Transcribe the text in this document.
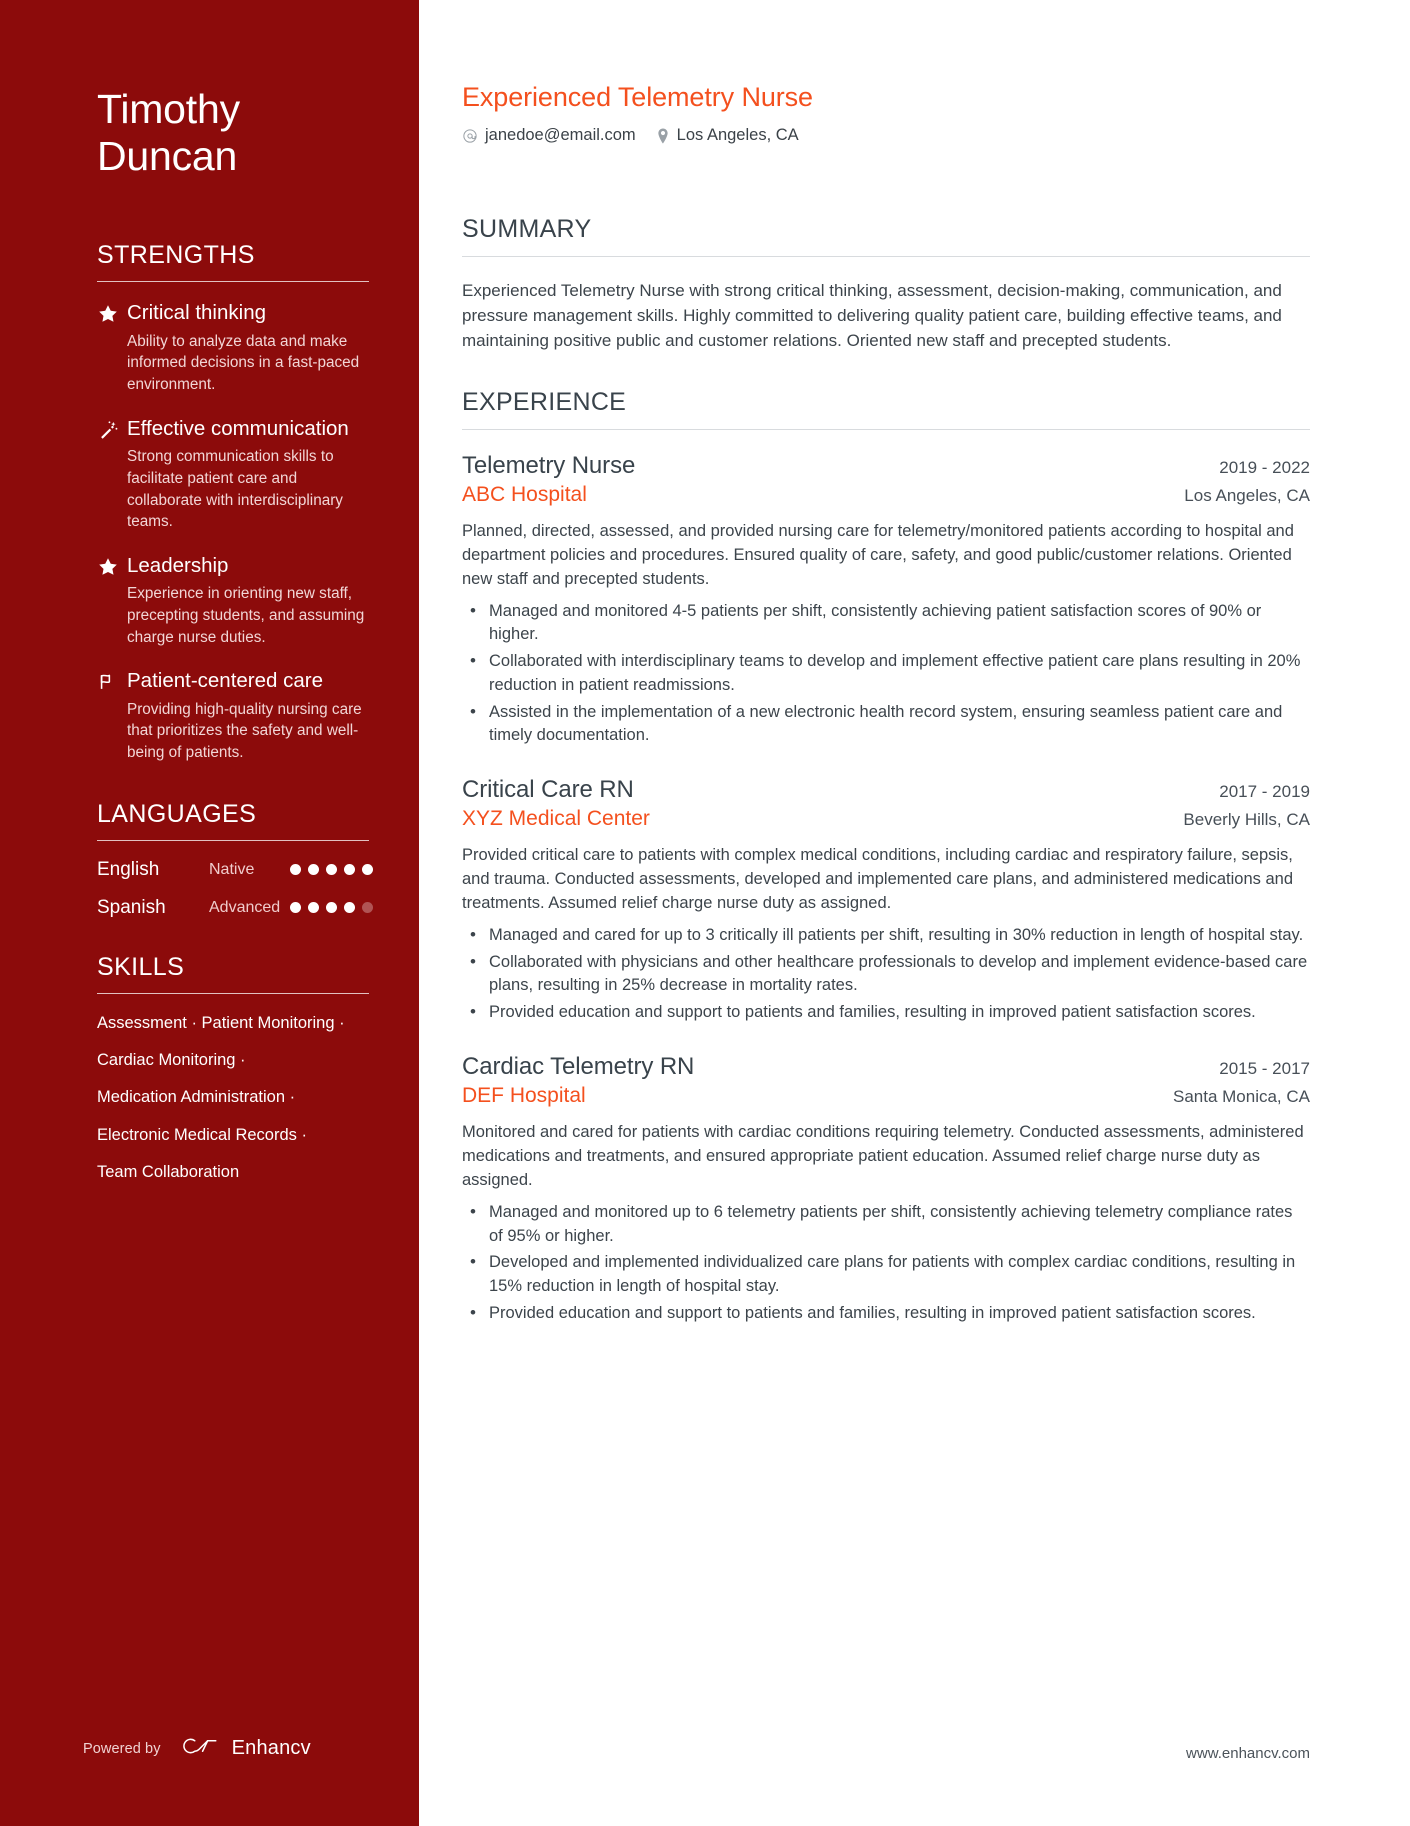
Timothy
Duncan
STRENGTHS
Critical thinking
Ability to analyze data and make informed decisions in a fast-paced environment.
Effective communication
Strong communication skills to facilitate patient care and collaborate with interdisciplinary teams.
Leadership
Experience in orienting new staff, precepting students, and assuming charge nurse duties.
Patient-centered care
Providing high-quality nursing care that prioritizes the safety and well-being of patients.
LANGUAGES
English	Native
Spanish	Advanced
SKILLS
Assessment · Patient Monitoring ·
Cardiac Monitoring ·
Medication Administration ·
Electronic Medical Records ·
Team Collaboration
Powered by	Enhancv
Experienced Telemetry Nurse
janedoe@email.com Los Angeles, CA
SUMMARY

Experienced Telemetry Nurse with strong critical thinking, assessment, decision-making, communication, and pressure management skills. Highly committed to delivering quality patient care, building effective teams, and maintaining positive public and customer relations. Oriented new staff and precepted students.

EXPERIENCE
Telemetry Nurse	2019 - 2022
ABC Hospital	Los Angeles, CA

Planned, directed, assessed, and provided nursing care for telemetry/monitored patients according to hospital and department policies and procedures. Ensured quality of care, safety, and good public/customer relations. Oriented new staff and precepted students.

• Managed and monitored 4-5 patients per shift, consistently achieving patient satisfaction scores of 90% or higher.
• Collaborated with interdisciplinary teams to develop and implement effective patient care plans resulting in 20% reduction in patient readmissions.
• Assisted in the implementation of a new electronic health record system, ensuring seamless patient care and timely documentation.
Critical Care RN	2017 - 2019
XYZ Medical Center	Beverly Hills, CA

Provided critical care to patients with complex medical conditions, including cardiac and respiratory failure, sepsis, and trauma. Conducted assessments, developed and implemented care plans, and administered medications and treatments. Assumed relief charge nurse duty as assigned.

• Managed and cared for up to 3 critically ill patients per shift, resulting in 30% reduction in length of hospital stay.
• Collaborated with physicians and other healthcare professionals to develop and implement evidence-based care plans, resulting in 25% decrease in mortality rates.
• Provided education and support to patients and families, resulting in improved patient satisfaction scores.
Cardiac Telemetry RN	2015 - 2017
DEF Hospital	Santa Monica, CA

Monitored and cared for patients with cardiac conditions requiring telemetry. Conducted assessments, administered medications and treatments, and ensured appropriate patient education. Assumed relief charge nurse duty as assigned.

• Managed and monitored up to 6 telemetry patients per shift, consistently achieving telemetry compliance rates of 95% or higher.
• Developed and implemented individualized care plans for patients with complex cardiac conditions, resulting in 15% reduction in length of hospital stay.
• Provided education and support to patients and families, resulting in improved patient satisfaction scores.
www.enhancv.com
